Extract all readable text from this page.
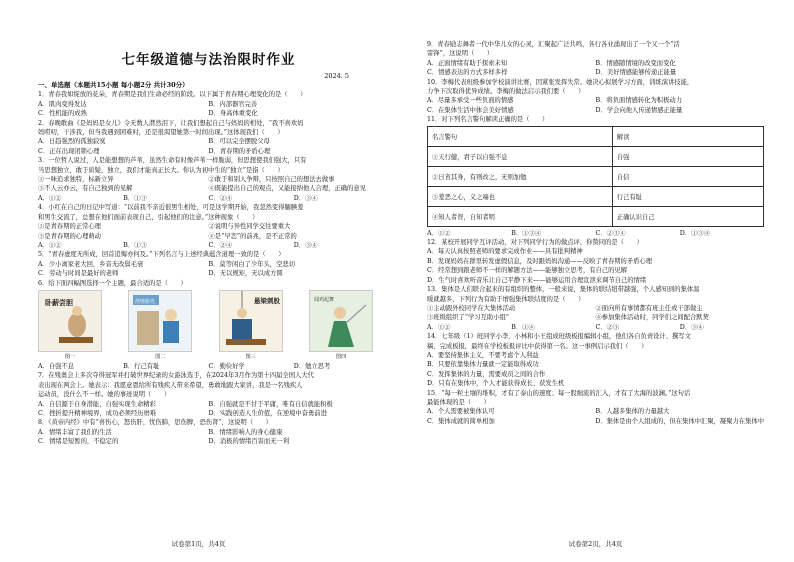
七年级道德与法治限时作业
2024. 5
一、单选题（本题共15小题 每小题2分 共计30分）
1．青春我如绽放的花朵，青春期是我们生命必经的阶段。以下属于青春期心理变化的是（　　）
A．肌肉变得发达	B．内部器官完善
C．性机能的成熟	D．身高体重变化
2．春晚歌曲《是妈妈是女儿》令无数人潸然泪下，让我们想起自己与妈妈的相处，“我不喜欢妈
妈唠叨，干涉我，但当我遇到困难时，还是很渴望她第一时间出现。”这体现我们（　　）
A．日趋强烈的孤独寂寞	B．可以完全摆脱父母
C．正在出现闭锁心理	D．青春期的矛盾心理
3．一位哲人说过，人是能想想的芦苇，虽然生命有时像芦苇一样脆弱，但思想使我们强大，只有
当思想独立，敢于质疑，独立，我们才能真正长大。你认为初中生的“独立”是指（　　）
①一味追求独特，标新立异	②敢于和别人争辩，只按照自己的想法去做事
③不人云亦云，有自己独到的见解	④既能提出自己的观点，又能接纳他人合理，正确的意见
A．①②	B．①③	C．②④	D．③④
4．小红在自己的日记中写道：“以前我不亲近很男生相处，可是这学期开始，我忽然变得腼腆羞
和男生交流了，总想在他们面前表现自己，引起他们的注意。”这种现象（　　）
①是青春期的正常心理	②说明与异性同学交往要重大
③是青春期的心理萌动	④是“早恋”的前兆，是不正常的
A．①②	B．①③	C．②④	D．③④
5．“青春虚度无所成，回首追悔亦何及。”下列名言与上述经典蕴含道理一致的是（　　）
A．少小离家老大回，乡音无改鬓毛衰	B．莫等闲白了少年头，空悲切
C．劳动与时间是最好的老师	D．无以规矩，无以成方圆
6．给下面四幅图选择一个主题，最合适的是（　　）
卧薪尝胆
图一
凿壁偷光
图二
悬梁刺股
图三
闻鸡起舞
图四
A．自强不息	B．行己有耻	C．勤俭好学	D．勉立思考
7．在残奥会上多次夺得冠军并打破世界纪录的女游泳选手，在2024年3月作为第十四届全国人大代
表出现在两会上。她表示：我愿意恩给所有残疾人带来希望，勇敢地跟大家讲，我是一名残疾人
运动员，没什么不一样。她的事迹说明（　　）
A．自信源于自身潜能，自强实现生命精彩	B．自强就是不甘于平庸，唯有自信就能积极
C．挫折提升精神境界，成功必须经历磨难	D．实践创造人生价值，在逆境中奋勇前进
8．《黄帝内经》中有“喜伤心，怒伤肝，忧伤肺，思伤脾，恐伤肾”，这说明（　　）
A．情绪丰富了我们的生活	B．情绪影响人的身心健康
C．情绪是短暂的，不稳定的	D．消极的情绪百害而无一利
试卷第1页，共4页
9．青春励志舞者一代中华儿女的心灵，汇聚起广泛共鸣，各行各业涌现出了一个又一个“活
雷锋”，这说明（　　）
A．正面情绪有助于探索未知	B．情感随情境的改变而变化
C．情感表达的方式多样多样	D．美好情感能够传递正能量
10．李梅代表班级参加学校演讲比赛，因紧张发挥失常。她决心拟展学习方面，训练演讲技能，
力争下次取得优异成绩。李梅的做法启示我们要（　　）
A．尽量多承受一些负面的情感	B．将负面情感转化为积极动力
C．在集体生活中体会美好情感	D．学会向他人传递情感正能量
11．对下列名言警句解读正确的是（　　）
名言警句	解读
①天行健，君子以自强不息	自强
②日省其身，有则改之，无则加勉	自信
③羞恶之心，义之端也	行己有耻
④知人者智，自知者明	正确认识自己
A．①②	B．①③④	C．②③④	D．①③④
12．某校开展同学互评活动，对下列同学行为的做点评，你赞同的是（　　）
A．每天认真按照老师的要求完成作业——具有批判精神
B．发现妈妈在群里转发虚假信息，及时跟妈妈沟通——反映了青春期的矛盾心理
C．经常想到跟老师不一样的解题方法——能够独立思考，有自己的见解
D．生气时喜欢听音乐让自己平静下来——能够运用合理宣泄来调节自己的情绪
13．集体是人们联合起来的有组织的整体，一般来说，集体的联结纽带越强，个人感知到的集体温
暖就越多，下列行为有助于增强集体联结度的是（　　）
①主动跟外校同学在大集体活动	②面向所有事情都有班主任或干部做主
③班级组织了“学习互助小组”	④参加集体活动时，同学们之间配合默契
A．①②	B．①④	C．②③	D．③④
14．七年级（1）班同学小李、小林和小王组成班级板报编辑小组，他们各自负责设计、撰写文
稿、完成板报，最终在学校板报评比中获得第一名。这一事例启示我们（　　）
A．要坚持集体主义，不要考虑个人利益
B．只要依靠集体力量就一定能取得成功
C．发挥集体的力量，需要成员之间的合作
D．只有在集体中，个人才能获得成长、获发生机
15．“每一粒土壤的堆积，才有了泰山的速度；每一股细流的汇入，才有了大海的波澜。”这句话
最能体现的是（　　）
A．个人需要被集体认可	B．人越多集体的力量越大
C．集体成就的简单相加	D．集体是由个人组成的，但在集体中汇聚，凝聚力在集体中
试卷第2页，共4页
